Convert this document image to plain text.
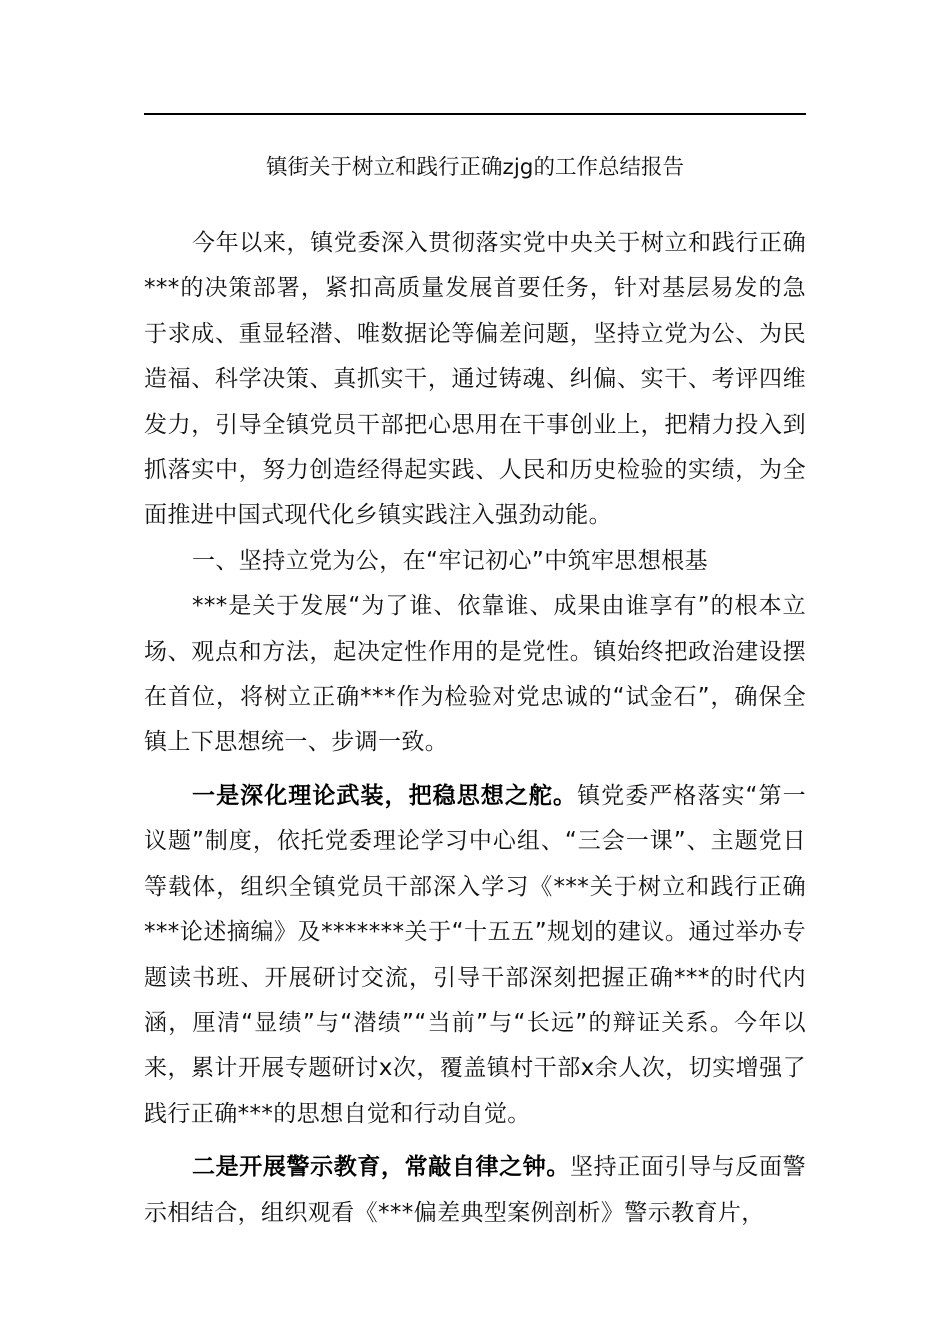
镇街关于树立和践行正确zjg的工作总结报告

今年以来，镇党委深入贯彻落实党中央关于树立和践行正确***的决策部署，紧扣高质量发展首要任务，针对基层易发的急于求成、重显轻潜、唯数据论等偏差问题，坚持立党为公、为民造福、科学决策、真抓实干，通过铸魂、纠偏、实干、考评四维发力，引导全镇党员干部把心思用在干事创业上，把精力投入到抓落实中，努力创造经得起实践、人民和历史检验的实绩，为全面推进中国式现代化乡镇实践注入强劲动能。

一、坚持立党为公，在“牢记初心”中筑牢思想根基

***是关于发展“为了谁、依靠谁、成果由谁享有”的根本立场、观点和方法，起决定性作用的是党性。镇始终把政治建设摆在首位，将树立正确***作为检验对党忠诚的“试金石”，确保全镇上下思想统一、步调一致。

一是深化理论武装，把稳思想之舵。镇党委严格落实“第一议题”制度，依托党委理论学习中心组、“三会一课”、主题党日等载体，组织全镇党员干部深入学习《***关于树立和践行正确***论述摘编》及*******关于“十五五”规划的建议。通过举办专题读书班、开展研讨交流，引导干部深刻把握正确***的时代内涵，厘清“显绩”与“潜绩”“当前”与“长远”的辩证关系。今年以来，累计开展专题研讨x次，覆盖镇村干部x余人次，切实增强了践行正确***的思想自觉和行动自觉。

二是开展警示教育，常敲自律之钟。坚持正面引导与反面警示相结合，组织观看《***偏差典型案例剖析》警示教育片，
